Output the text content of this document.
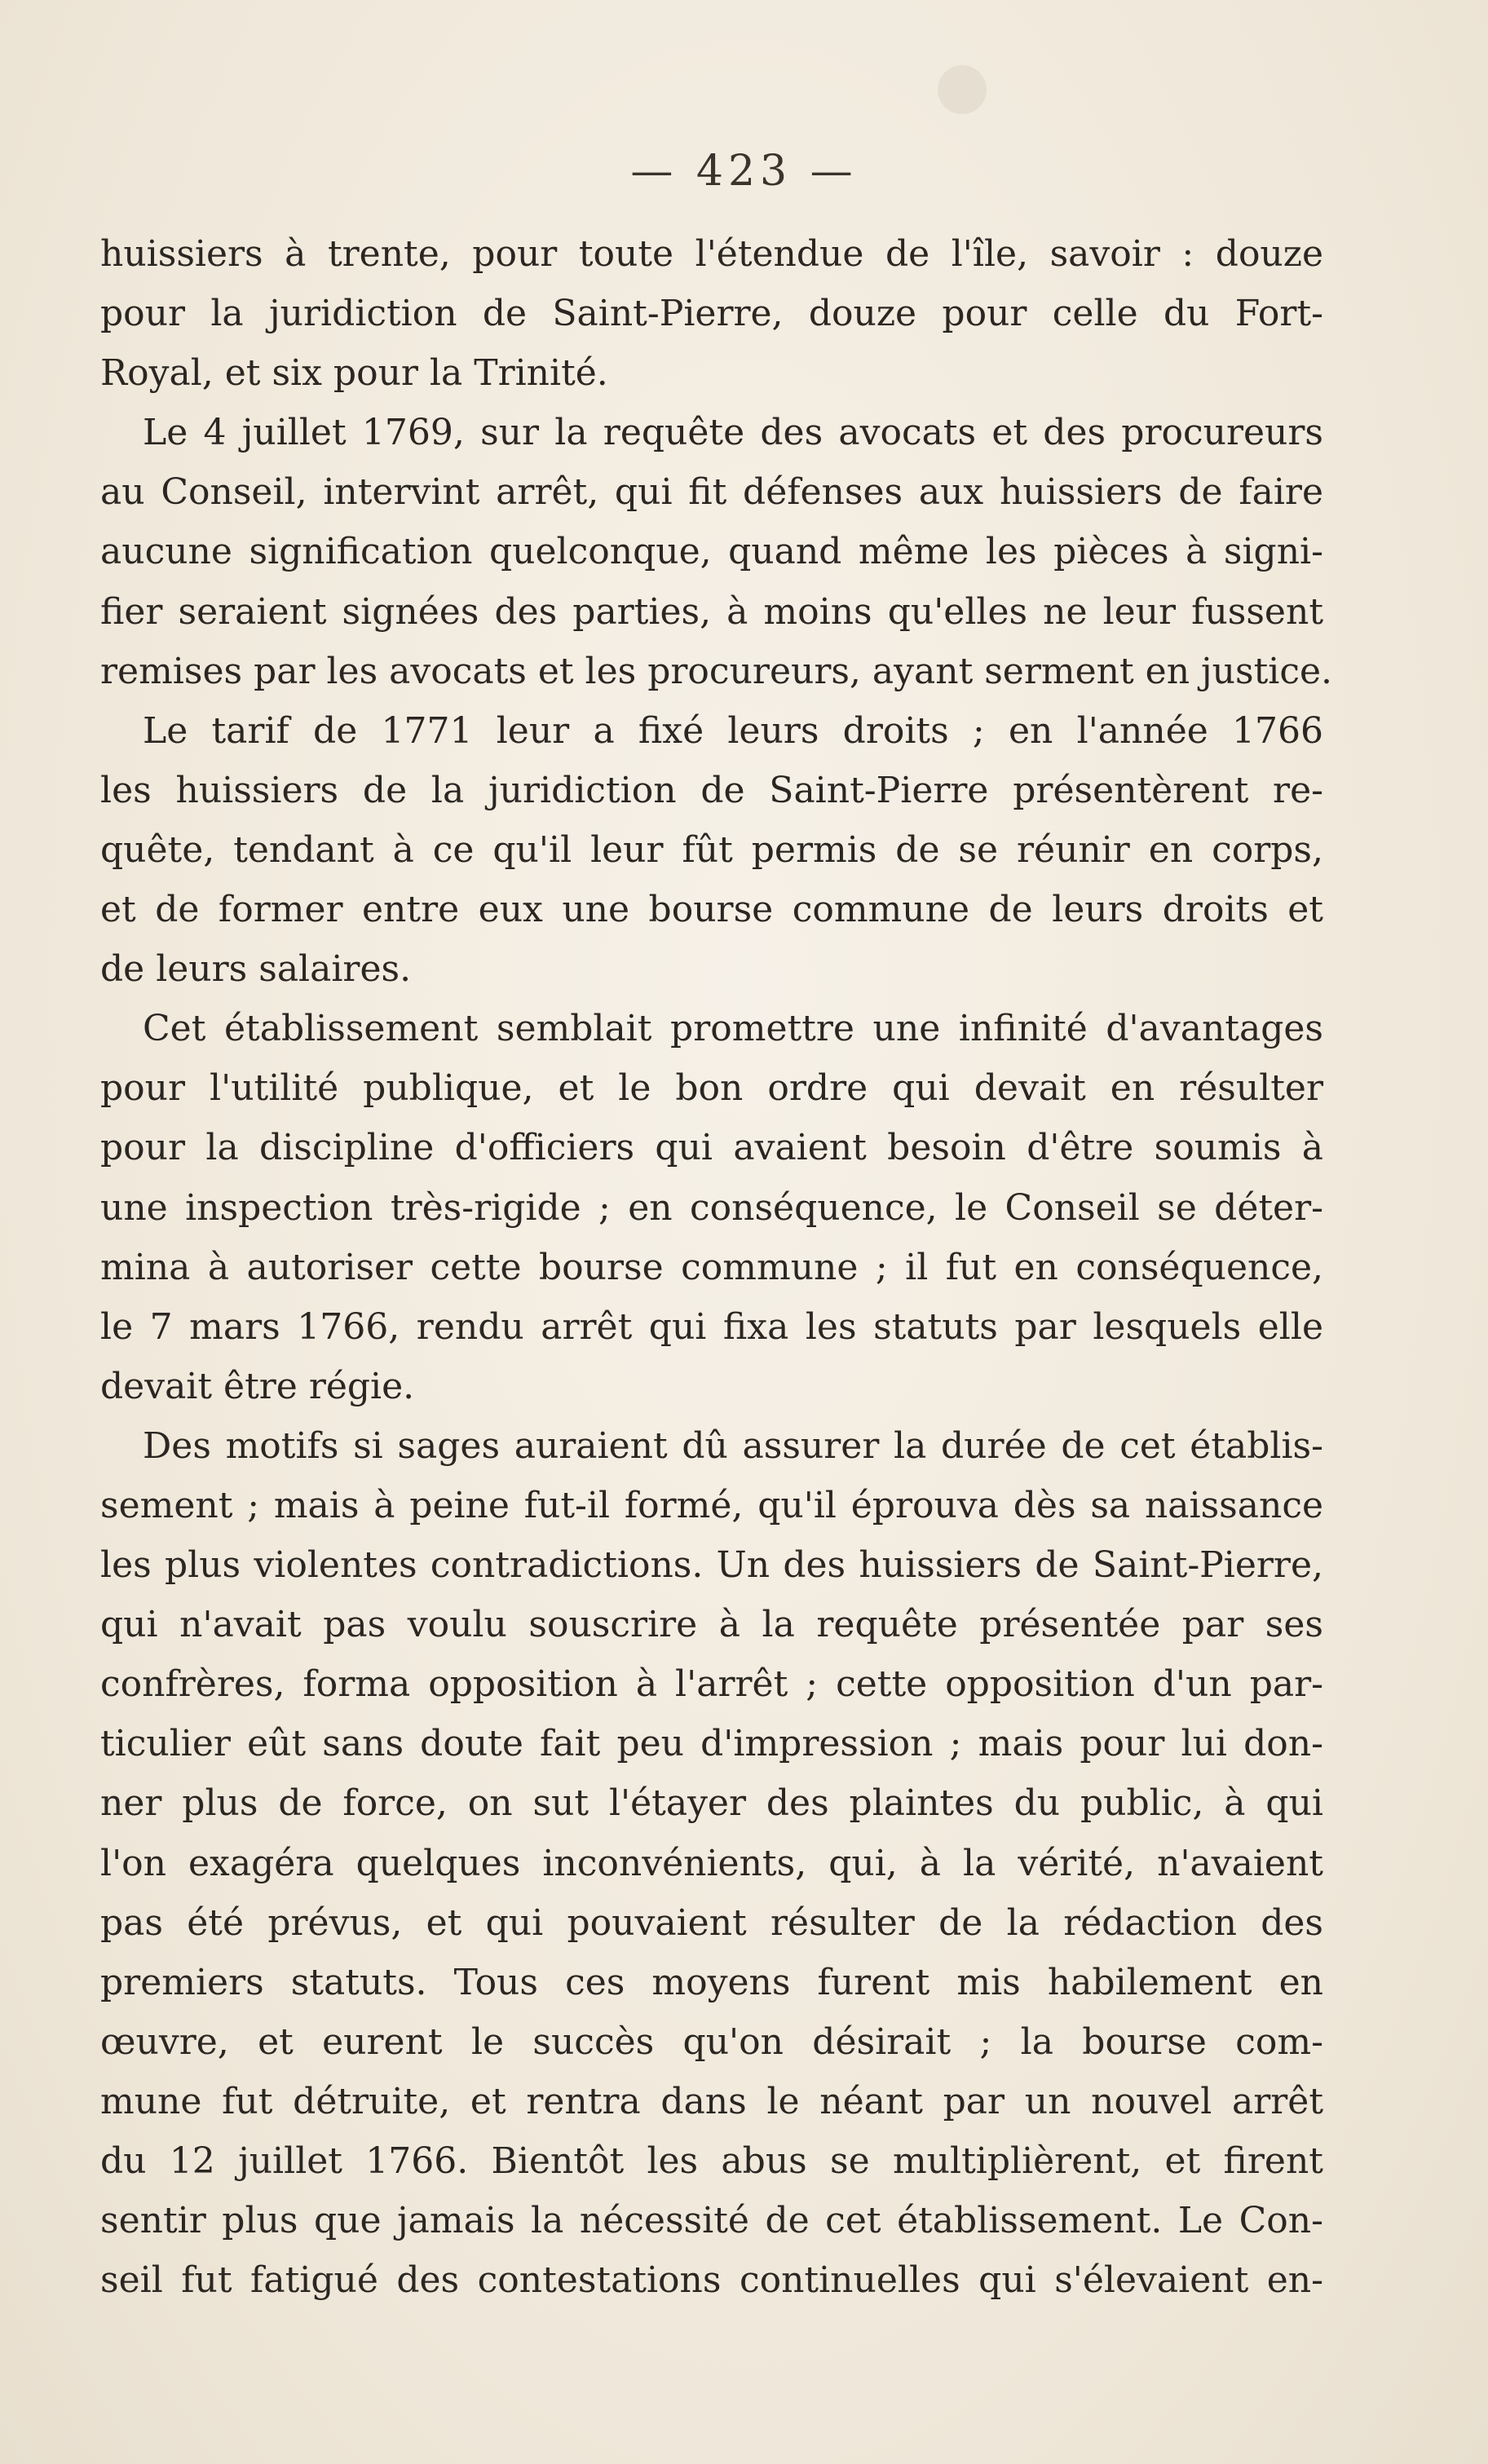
— 423 —
huissiers à trente, pour toute l'étendue de l'île, savoir : douze
pour la juridiction de Saint-Pierre, douze pour celle du Fort-
Royal, et six pour la Trinité.
Le 4 juillet 1769, sur la requête des avocats et des procureurs
au Conseil, intervint arrêt, qui fit défenses aux huissiers de faire
aucune signification quelconque, quand même les pièces à signi-
fier seraient signées des parties, à moins qu'elles ne leur fussent
remises par les avocats et les procureurs, ayant serment en justice.
Le tarif de 1771 leur a fixé leurs droits ; en l'année 1766
les huissiers de la juridiction de Saint-Pierre présentèrent re-
quête, tendant à ce qu'il leur fût permis de se réunir en corps,
et de former entre eux une bourse commune de leurs droits et
de leurs salaires.
Cet établissement semblait promettre une infinité d'avantages
pour l'utilité publique, et le bon ordre qui devait en résulter
pour la discipline d'officiers qui avaient besoin d'être soumis à
une inspection très-rigide ; en conséquence, le Conseil se déter-
mina à autoriser cette bourse commune ; il fut en conséquence,
le 7 mars 1766, rendu arrêt qui fixa les statuts par lesquels elle
devait être régie.
Des motifs si sages auraient dû assurer la durée de cet établis-
sement ; mais à peine fut-il formé, qu'il éprouva dès sa naissance
les plus violentes contradictions. Un des huissiers de Saint-Pierre,
qui n'avait pas voulu souscrire à la requête présentée par ses
confrères, forma opposition à l'arrêt ; cette opposition d'un par-
ticulier eût sans doute fait peu d'impression ; mais pour lui don-
ner plus de force, on sut l'étayer des plaintes du public, à qui
l'on exagéra quelques inconvénients, qui, à la vérité, n'avaient
pas été prévus, et qui pouvaient résulter de la rédaction des
premiers statuts. Tous ces moyens furent mis habilement en
œuvre, et eurent le succès qu'on désirait ; la bourse com-
mune fut détruite, et rentra dans le néant par un nouvel arrêt
du 12 juillet 1766. Bientôt les abus se multiplièrent, et firent
sentir plus que jamais la nécessité de cet établissement. Le Con-
seil fut fatigué des contestations continuelles qui s'élevaient en-
